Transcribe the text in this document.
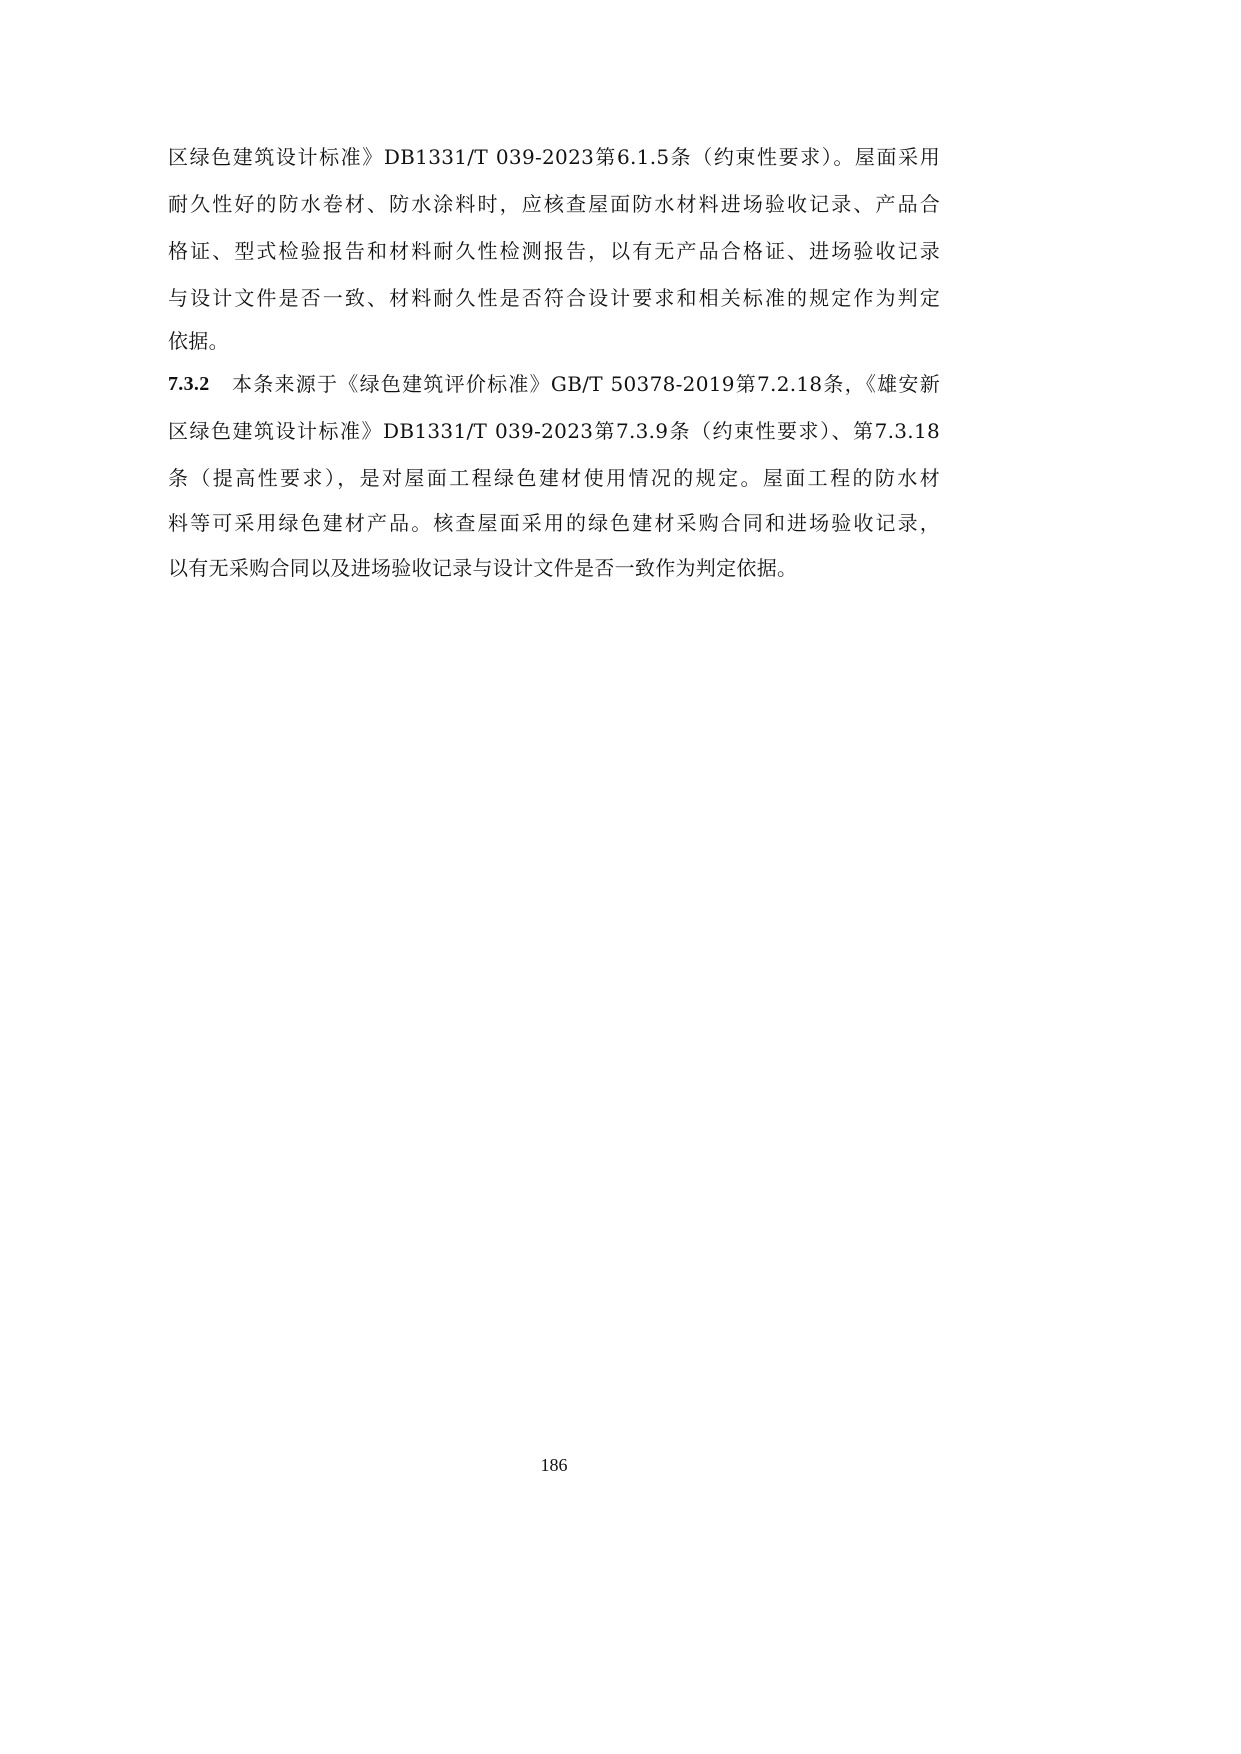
区绿色建筑设计标准》DB1331/T 039-2023第6.1.5条（约束性要求）。屋面采用
耐久性好的防水卷材、防水涂料时，应核查屋面防水材料进场验收记录、产品合
格证、型式检验报告和材料耐久性检测报告，以有无产品合格证、进场验收记录
与设计文件是否一致、材料耐久性是否符合设计要求和相关标准的规定作为判定
依据。
7.3.2	本条来源于《绿色建筑评价标准》GB/T 50378-2019第7.2.18条，《雄安新
区绿色建筑设计标准》DB1331/T 039-2023第7.3.9条（约束性要求）、第7.3.18
条（提高性要求），是对屋面工程绿色建材使用情况的规定。屋面工程的防水材
料等可采用绿色建材产品。核查屋面采用的绿色建材采购合同和进场验收记录，
以有无采购合同以及进场验收记录与设计文件是否一致作为判定依据。
186
